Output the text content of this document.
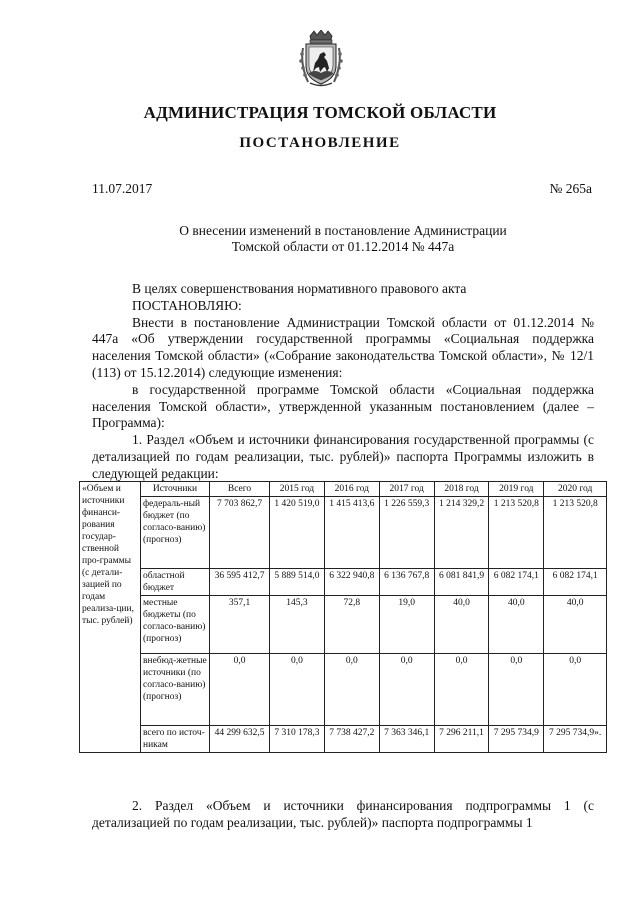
АДМИНИСТРАЦИЯ ТОМСКОЙ ОБЛАСТИ
ПОСТАНОВЛЕНИЕ
11.07.2017	№ 265а
О внесении изменений в постановление Администрации
Томской области от 01.12.2014 № 447а

В целях совершенствования нормативного правового акта

ПОСТАНОВЛЯЮ:

Внести в постановление Администрации Томской области от 01.12.2014 № 447а «Об утверждении государственной программы «Социальная поддержка населения Томской области» («Собрание законодательства Томской области», № 12/1 (113) от 15.12.2014) следующие изменения:

в государственной программе Томской области «Социальная поддержка населения Томской области», утвержденной указанным постановлением (далее – Программа):

1. Раздел «Объем и источники финансирования государственной программы (с детализацией по годам реализации, тыс. рублей)» паспорта Программы изложить в следующей редакции:

«Объем и источники финанси-рования государ-ственной про-граммы (с детали-зацией по годам реализа-ции, тыс. рублей)	Источники	Всего	2015 год	2016 год	2017 год	2018 год	2019 год	2020 год
	федераль-ный бюджет (по согласо-ванию) (прогноз)	7 703 862,7	1 420 519,0	1 415 413,6	1 226 559,3	1 214 329,2	1 213 520,8	1 213 520,8
	областной бюджет	36 595 412,7	5 889 514,0	6 322 940,8	6 136 767,8	6 081 841,9	6 082 174,1	6 082 174,1
	местные бюджеты (по согласо-ванию) (прогноз)	357,1	145,3	72,8	19,0	40,0	40,0	40,0
	внебюд-жетные источники (по согласо-ванию) (прогноз)	0,0	0,0	0,0	0,0	0,0	0,0	0,0
	всего по источ-никам	44 299 632,5	7 310 178,3	7 738 427,2	7 363 346,1	7 296 211,1	7 295 734,9	7 295 734,9».

2. Раздел «Объем и источники финансирования подпрограммы 1 (с детализацией по годам реализации, тыс. рублей)» паспорта подпрограммы 1
